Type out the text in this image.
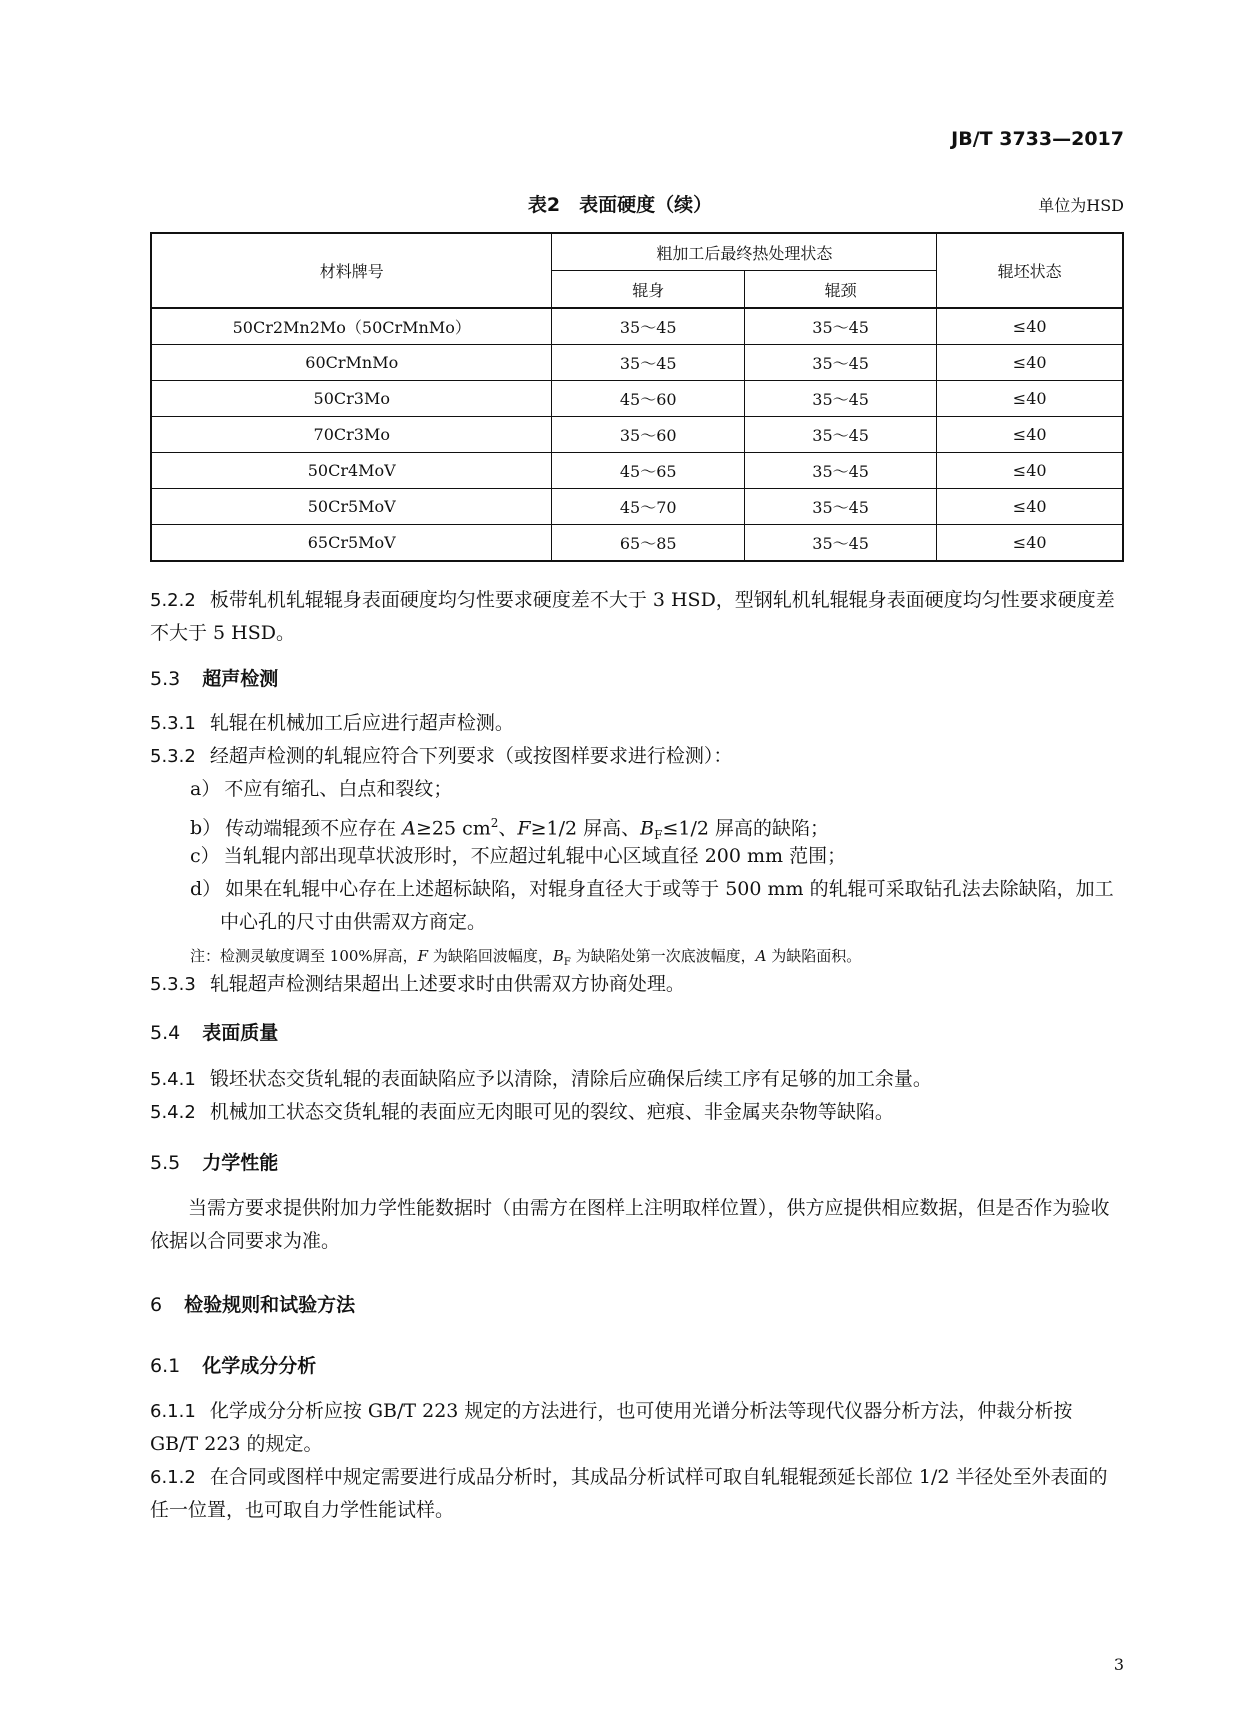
JB/T 3733—2017
表2　表面硬度（续）	单位为HSD
材料牌号	粗加工后最终热处理状态		辊坯状态
	辊身	辊颈	
50Cr2Mn2Mo（50CrMnMo）	35～45	35～45	≤40
60CrMnMo	35～45	35～45	≤40
50Cr3Mo	45～60	35～45	≤40
70Cr3Mo	35～60	35～45	≤40
50Cr4MoV	45～65	35～45	≤40
50Cr5MoV	45～70	35～45	≤40
65Cr5MoV	65～85	35～45	≤40
5.2.2 板带轧机轧辊辊身表面硬度均匀性要求硬度差不大于 3 HSD，型钢轧机轧辊辊身表面硬度均匀性要求硬度差不大于 5 HSD。
5.3 超声检测
5.3.1 轧辊在机械加工后应进行超声检测。
5.3.2 经超声检测的轧辊应符合下列要求（或按图样要求进行检测）：
a） 不应有缩孔、白点和裂纹；
b） 传动端辊颈不应存在 A≥25 $cm^2$、F≥1/2 屏高、$B_F\le 1/2$ 屏高的缺陷；
c） 当轧辊内部出现草状波形时，不应超过轧辊中心区域直径 200 mm 范围；
d） 如果在轧辊中心存在上述超标缺陷，对辊身直径大于或等于 500 mm 的轧辊可采取钻孔法去除缺陷，加工中心孔的尺寸由供需双方商定。
注：检测灵敏度调至 100%屏高，F 为缺陷回波幅度，$B_F$ 为缺陷处第一次底波幅度，A 为缺陷面积。
5.3.3 轧辊超声检测结果超出上述要求时由供需双方协商处理。
5.4 表面质量
5.4.1 锻坯状态交货轧辊的表面缺陷应予以清除，清除后应确保后续工序有足够的加工余量。
5.4.2 机械加工状态交货轧辊的表面应无肉眼可见的裂纹、疤痕、非金属夹杂物等缺陷。
5.5 力学性能
当需方要求提供附加力学性能数据时（由需方在图样上注明取样位置），供方应提供相应数据，但是否作为验收依据以合同要求为准。
6 检验规则和试验方法
6.1 化学成分分析
6.1.1 化学成分分析应按 GB/T 223 规定的方法进行，也可使用光谱分析法等现代仪器分析方法，仲裁分析按 GB/T 223 的规定。
6.1.2 在合同或图样中规定需要进行成品分析时，其成品分析试样可取自轧辊辊颈延长部位 1/2 半径处至外表面的任一位置，也可取自力学性能试样。
3
